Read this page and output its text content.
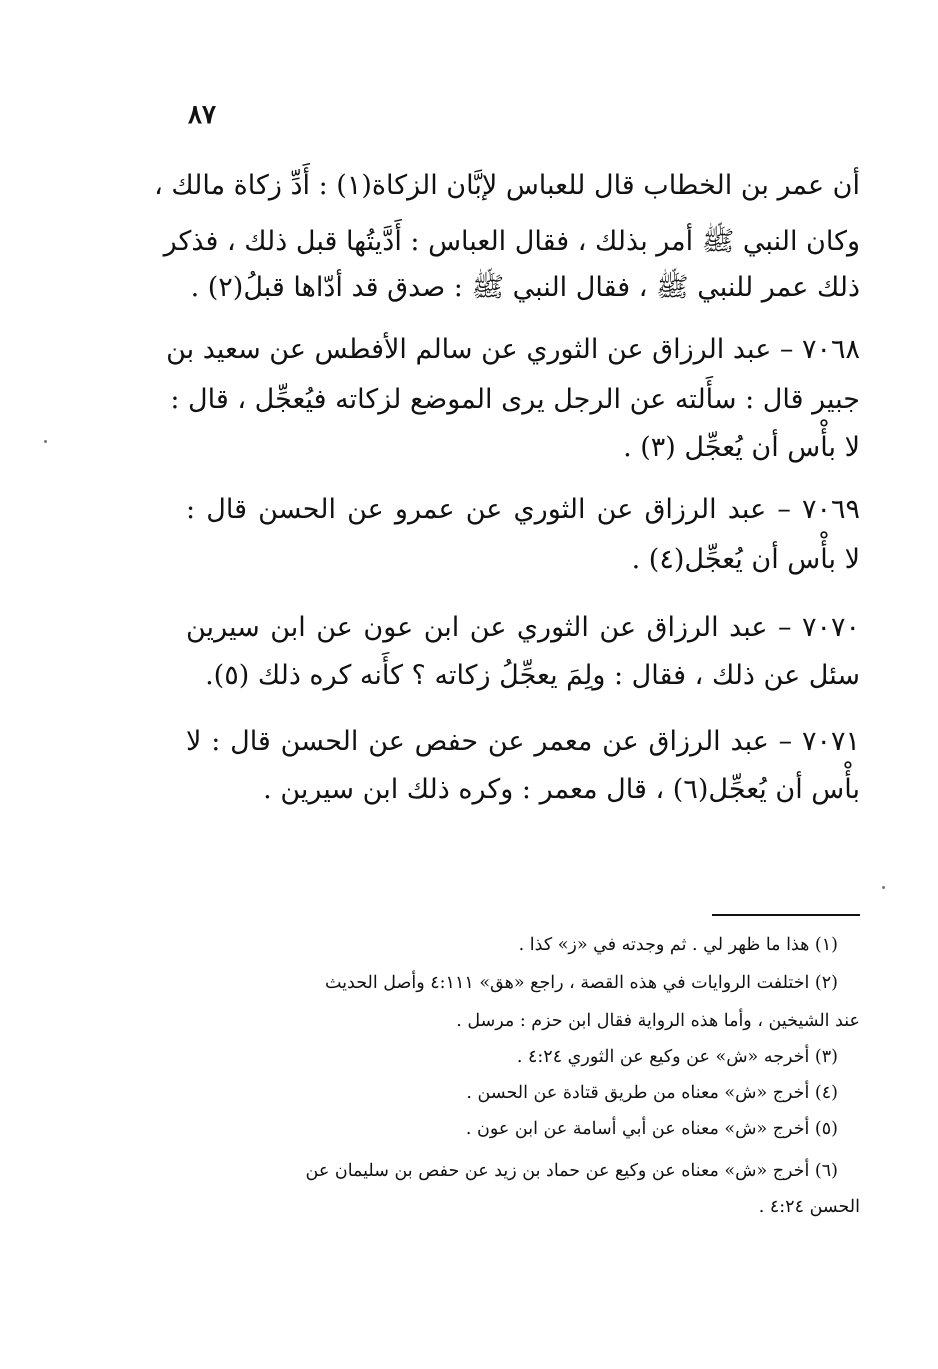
٨٧
أن عمر بن الخطاب قال للعباس لإبَّان الزكاة(١) : أَدِّ زكاة مالك ،
وكان النبي ﷺ أمر بذلك ، فقال العباس : أَدَّيتُها قبل ذلك ، فذكر
ذلك عمر للنبي ﷺ ، فقال النبي ﷺ : صدق قد أدّاها قبلُ(٢) .
٧٠٦٨ – عبد الرزاق عن الثوري عن سالم الأفطس عن سعيد بن
جبير قال : سأَلته عن الرجل يرى الموضع لزكاته فيُعجِّل ، قال :
لا بأْس أن يُعجِّل (٣) .
٧٠٦٩ – عبد الرزاق عن الثوري عن عمرو عن الحسن قال :
لا بأْس أن يُعجِّل(٤) .
٧٠٧٠ – عبد الرزاق عن الثوري عن ابن عون عن ابن سيرين
سئل عن ذلك ، فقال : ولِمَ يعجِّلُ زكاته ؟ كأَنه كره ذلك (٥).
٧٠٧١ – عبد الرزاق عن معمر عن حفص عن الحسن قال : لا
بأْس أن يُعجِّل(٦) ، قال معمر : وكره ذلك ابن سيرين .
(١) هذا ما ظهر لي . ثم وجدته في «ز» كذا .
(٢) اختلفت الروايات في هذه القصة ، راجع «هق» ٤:١١١ وأصل الحديث
عند الشيخين ، وأما هذه الرواية فقال ابن حزم : مرسل .
(٣) أخرجه «ش» عن وكيع عن الثوري ٤:٢٤ .
(٤) أخرج «ش» معناه من طريق قتادة عن الحسن .
(٥) أخرج «ش» معناه عن أبي أسامة عن ابن عون .
(٦) أخرج «ش» معناه عن وكيع عن حماد بن زيد عن حفص بن سليمان عن
الحسن ٤:٢٤ .
